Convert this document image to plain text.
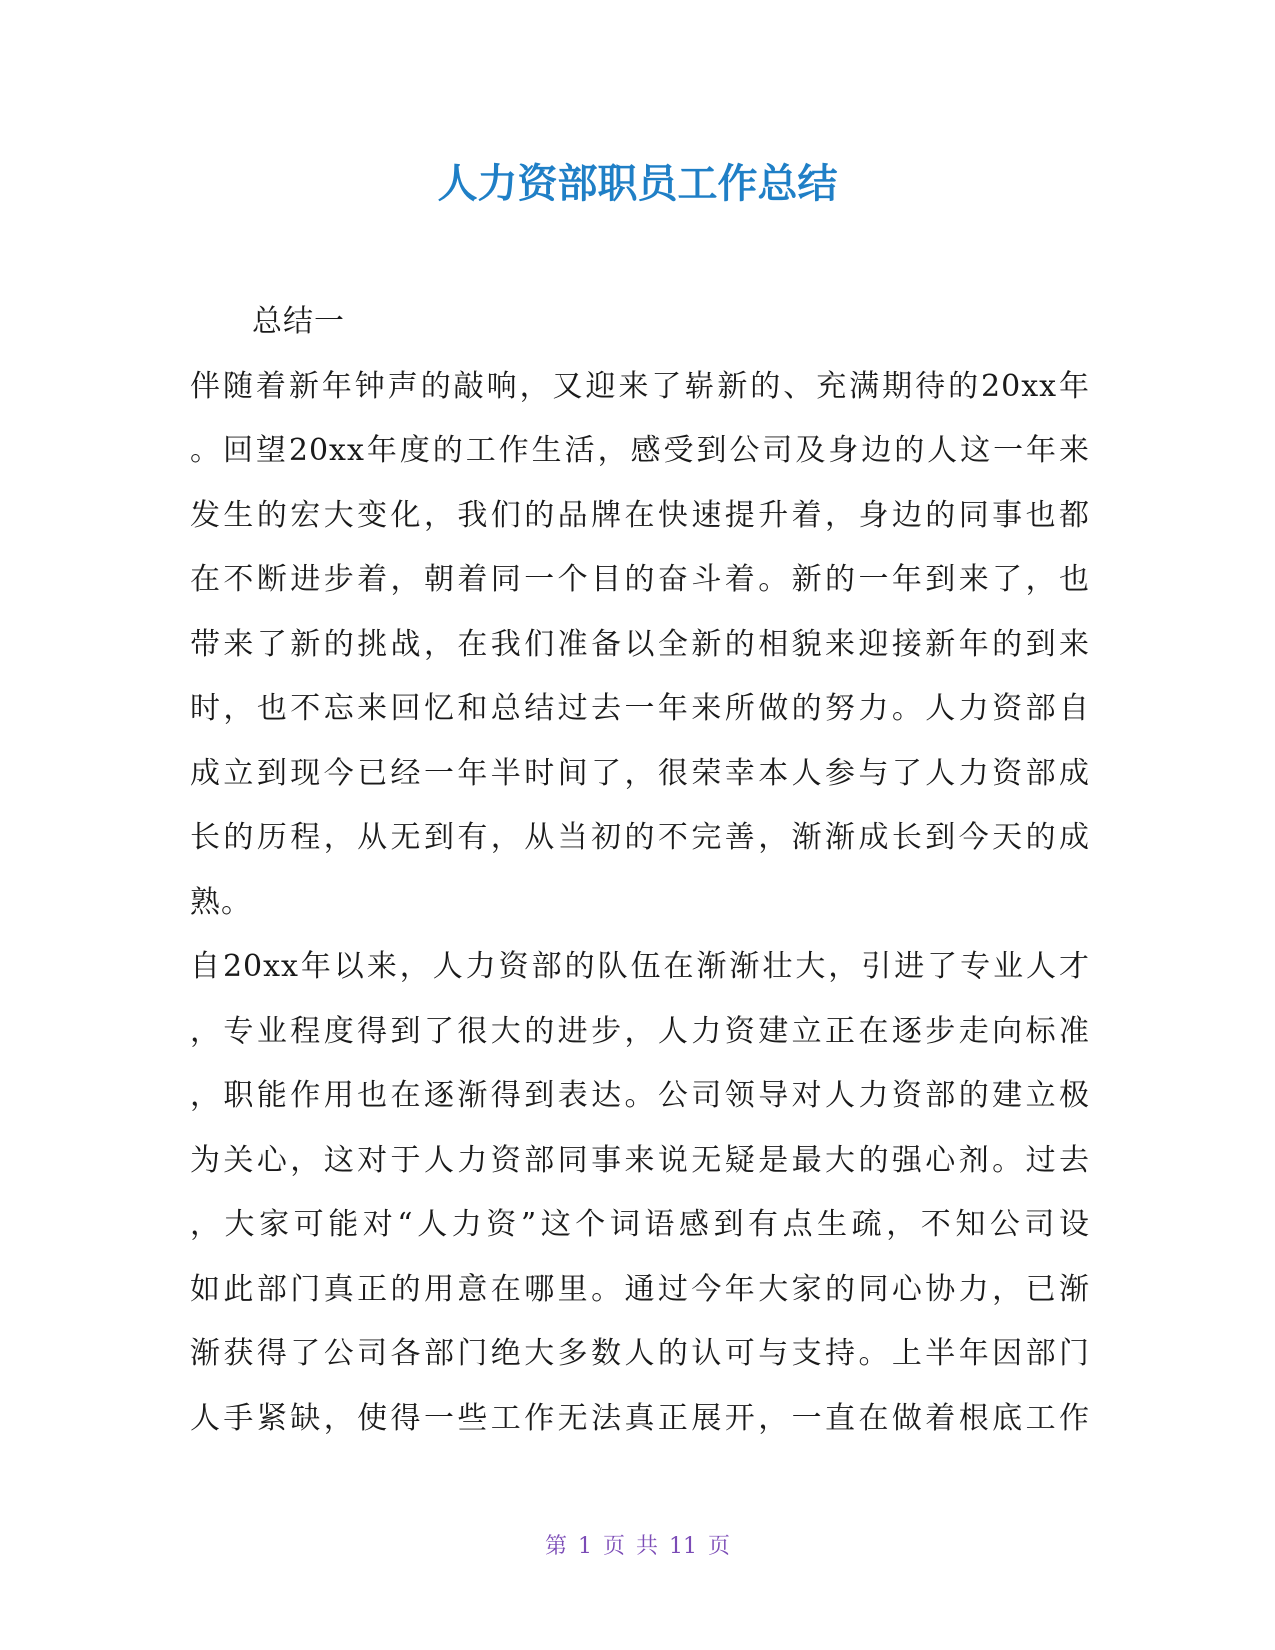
人力资部职员工作总结
总结一
伴随着新年钟声的敲响，又迎来了崭新的、充满期待的20xx年
。回望20xx年度的工作生活，感受到公司及身边的人这一年来
发生的宏大变化，我们的品牌在快速提升着，身边的同事也都
在不断进步着，朝着同一个目的奋斗着。新的一年到来了，也
带来了新的挑战，在我们准备以全新的相貌来迎接新年的到来
时，也不忘来回忆和总结过去一年来所做的努力。人力资部自
成立到现今已经一年半时间了，很荣幸本人参与了人力资部成
长的历程，从无到有，从当初的不完善，渐渐成长到今天的成
熟。
自20xx年以来，人力资部的队伍在渐渐壮大，引进了专业人才
，专业程度得到了很大的进步，人力资建立正在逐步走向标准
，职能作用也在逐渐得到表达。公司领导对人力资部的建立极
为关心，这对于人力资部同事来说无疑是最大的强心剂。过去
，大家可能对“人力资”这个词语感到有点生疏，不知公司设
如此部门真正的用意在哪里。通过今年大家的同心协力，已渐
渐获得了公司各部门绝大多数人的认可与支持。上半年因部门
人手紧缺，使得一些工作无法真正展开，一直在做着根底工作
第 1 页 共 11 页
